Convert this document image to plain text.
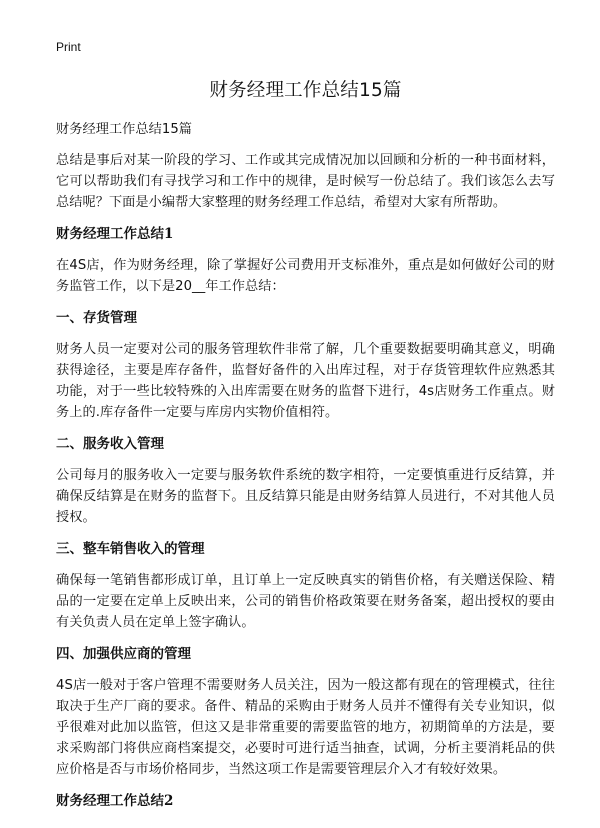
Print
财务经理工作总结15篇

财务经理工作总结15篇

总结是事后对某一阶段的学习、工作或其完成情况加以回顾和分析的一种书面材料，它可以帮助我们有寻找学习和工作中的规律，是时候写一份总结了。我们该怎么去写总结呢？下面是小编帮大家整理的财务经理工作总结，希望对大家有所帮助。

财务经理工作总结1

在4S店，作为财务经理，除了掌握好公司费用开支标准外，重点是如何做好公司的财务监管工作，以下是20__年工作总结：

一、存货管理

财务人员一定要对公司的服务管理软件非常了解，几个重要数据要明确其意义，明确获得途径，主要是库存备件，监督好备件的入出库过程，对于存货管理软件应熟悉其功能，对于一些比较特殊的入出库需要在财务的监督下进行，4s店财务工作重点。财务上的.库存备件一定要与库房内实物价值相符。

二、服务收入管理

公司每月的服务收入一定要与服务软件系统的数字相符，一定要慎重进行反结算，并确保反结算是在财务的监督下。且反结算只能是由财务结算人员进行，不对其他人员授权。

三、整车销售收入的管理

确保每一笔销售都形成订单，且订单上一定反映真实的销售价格，有关赠送保险、精品的一定要在定单上反映出来，公司的销售价格政策要在财务备案，超出授权的要由有关负责人员在定单上签字确认。

四、加强供应商的管理

4S店一般对于客户管理不需要财务人员关注，因为一般这都有现在的管理模式，往往取决于生产厂商的要求。备件、精品的采购由于财务人员并不懂得有关专业知识，似乎很难对此加以监管，但这又是非常重要的需要监管的地方，初期简单的方法是，要求采购部门将供应商档案提交，必要时可进行适当抽查，试调，分析主要消耗品的供应价格是否与市场价格同步，当然这项工作是需要管理层介入才有较好效果。

财务经理工作总结2
